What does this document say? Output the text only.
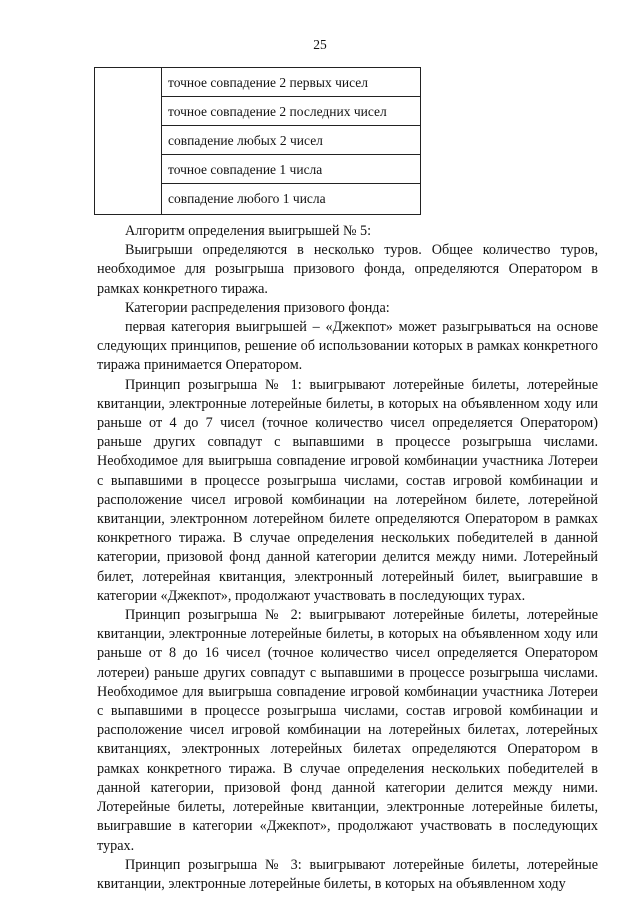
25
точное совпадение 2 первых чисел
точное совпадение 2 последних чисел
совпадение любых 2 чисел
точное совпадение 1 числа
совпадение любого 1 числа

Алгоритм определения выигрышей № 5:

Выигрыши определяются в несколько туров. Общее количество туров, необходимое для розыгрыша призового фонда, определяются Оператором в рамках конкретного тиража.

Категории распределения призового фонда:

первая категория выигрышей – «Джекпот» может разыгрываться на основе следующих принципов, решение об использовании которых в рамках конкретного тиража принимается Оператором.

Принцип розыгрыша № 1: выигрывают лотерейные билеты, лотерейные квитанции, электронные лотерейные билеты, в которых на объявленном ходу или раньше от 4 до 7 чисел (точное количество чисел определяется Оператором) раньше других совпадут с выпавшими в процессе розыгрыша числами. Необходимое для выигрыша совпадение игровой комбинации участника Лотереи с выпавшими в процессе розыгрыша числами, состав игровой комбинации и расположение чисел игровой комбинации на лотерейном билете, лотерейной квитанции, электронном лотерейном билете определяются Оператором в рамках конкретного тиража. В случае определения нескольких победителей в данной категории, призовой фонд данной категории делится между ними. Лотерейный билет, лотерейная квитанция, электронный лотерейный билет, выигравшие в категории «Джекпот», продолжают участвовать в последующих турах.

Принцип розыгрыша № 2: выигрывают лотерейные билеты, лотерейные квитанции, электронные лотерейные билеты, в которых на объявленном ходу или раньше от 8 до 16 чисел (точное количество чисел определяется Оператором лотереи) раньше других совпадут с выпавшими в процессе розыгрыша числами. Необходимое для выигрыша совпадение игровой комбинации участника Лотереи с выпавшими в процессе розыгрыша числами, состав игровой комбинации и расположение чисел игровой комбинации на лотерейных билетах, лотерейных квитанциях, электронных лотерейных билетах определяются Оператором в рамках конкретного тиража. В случае определения нескольких победителей в данной категории, призовой фонд данной категории делится между ними. Лотерейные билеты, лотерейные квитанции, электронные лотерейные билеты, выигравшие в категории «Джекпот», продолжают участвовать в последующих турах.

Принцип розыгрыша № 3: выигрывают лотерейные билеты, лотерейные квитанции, электронные лотерейные билеты, в которых на объявленном ходу
